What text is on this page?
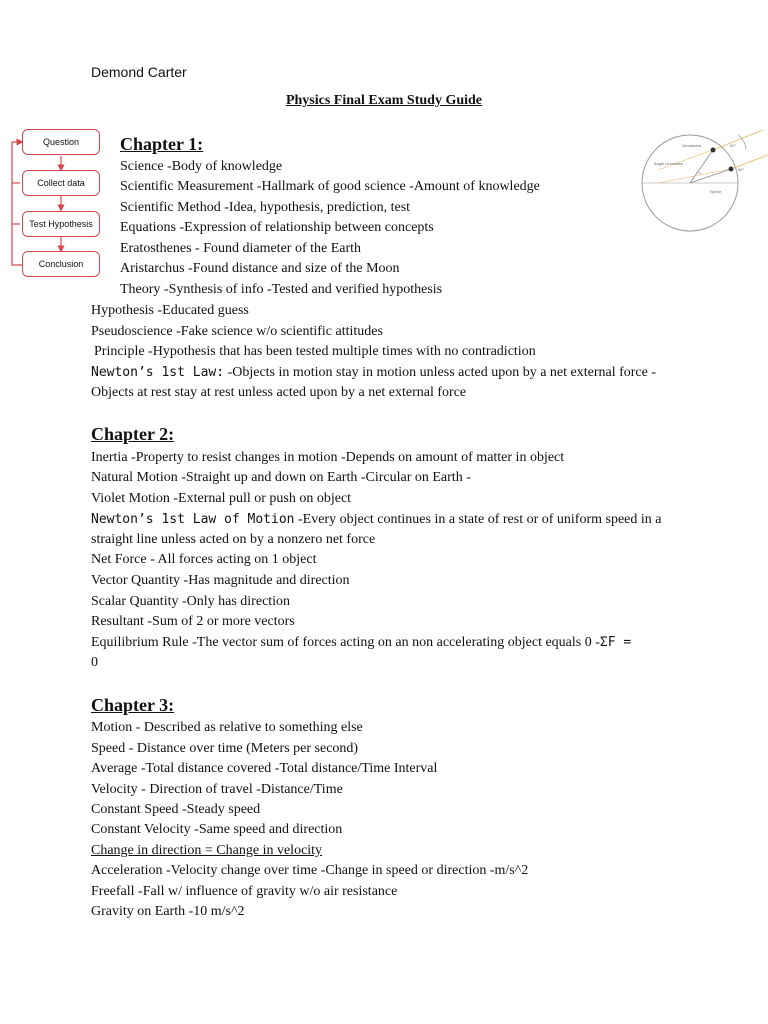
Demond Carter
Physics Final Exam Study Guide
Question
Collect data
Test Hypothesis
Conclusion
Alexandria
Syene
7°
50°
90°
Angle of rotation
Chapter 1:
Science -Body of knowledge
Scientific Measurement -Hallmark of good science -Amount of knowledge
Scientific Method -Idea, hypothesis, prediction, test
Equations -Expression of relationship between concepts
Eratosthenes - Found diameter of the Earth
Aristarchus -Found distance and size of the Moon
Theory -Synthesis of info -Tested and verified hypothesis
Hypothesis -Educated guess
Pseudoscience -Fake science w/o scientific attitudes
Principle -Hypothesis that has been tested multiple times with no contradiction
Newton’s 1st Law: -Objects in motion stay in motion unless acted upon by a net external force -
Objects at rest stay at rest unless acted upon by a net external force
Chapter 2:
Inertia -Property to resist changes in motion -Depends on amount of matter in object
Natural Motion -Straight up and down on Earth -Circular on Earth -
Violet Motion -External pull or push on object
Newton’s 1st Law of Motion -Every object continues in a state of rest or of uniform speed in a
straight line unless acted on by a nonzero net force
Net Force - All forces acting on 1 object
Vector Quantity -Has magnitude and direction
Scalar Quantity -Only has direction
Resultant -Sum of 2 or more vectors
Equilibrium Rule -The vector sum of forces acting on an non accelerating object equals 0 -ΣF =
0
Chapter 3:
Motion - Described as relative to something else
Speed - Distance over time (Meters per second)
Average -Total distance covered -Total distance/Time Interval
Velocity - Direction of travel -Distance/Time
Constant Speed -Steady speed
Constant Velocity -Same speed and direction
Change in direction = Change in velocity
Acceleration -Velocity change over time -Change in speed or direction -m/s^2
Freefall -Fall w/ influence of gravity w/o air resistance
Gravity on Earth -10 m/s^2
